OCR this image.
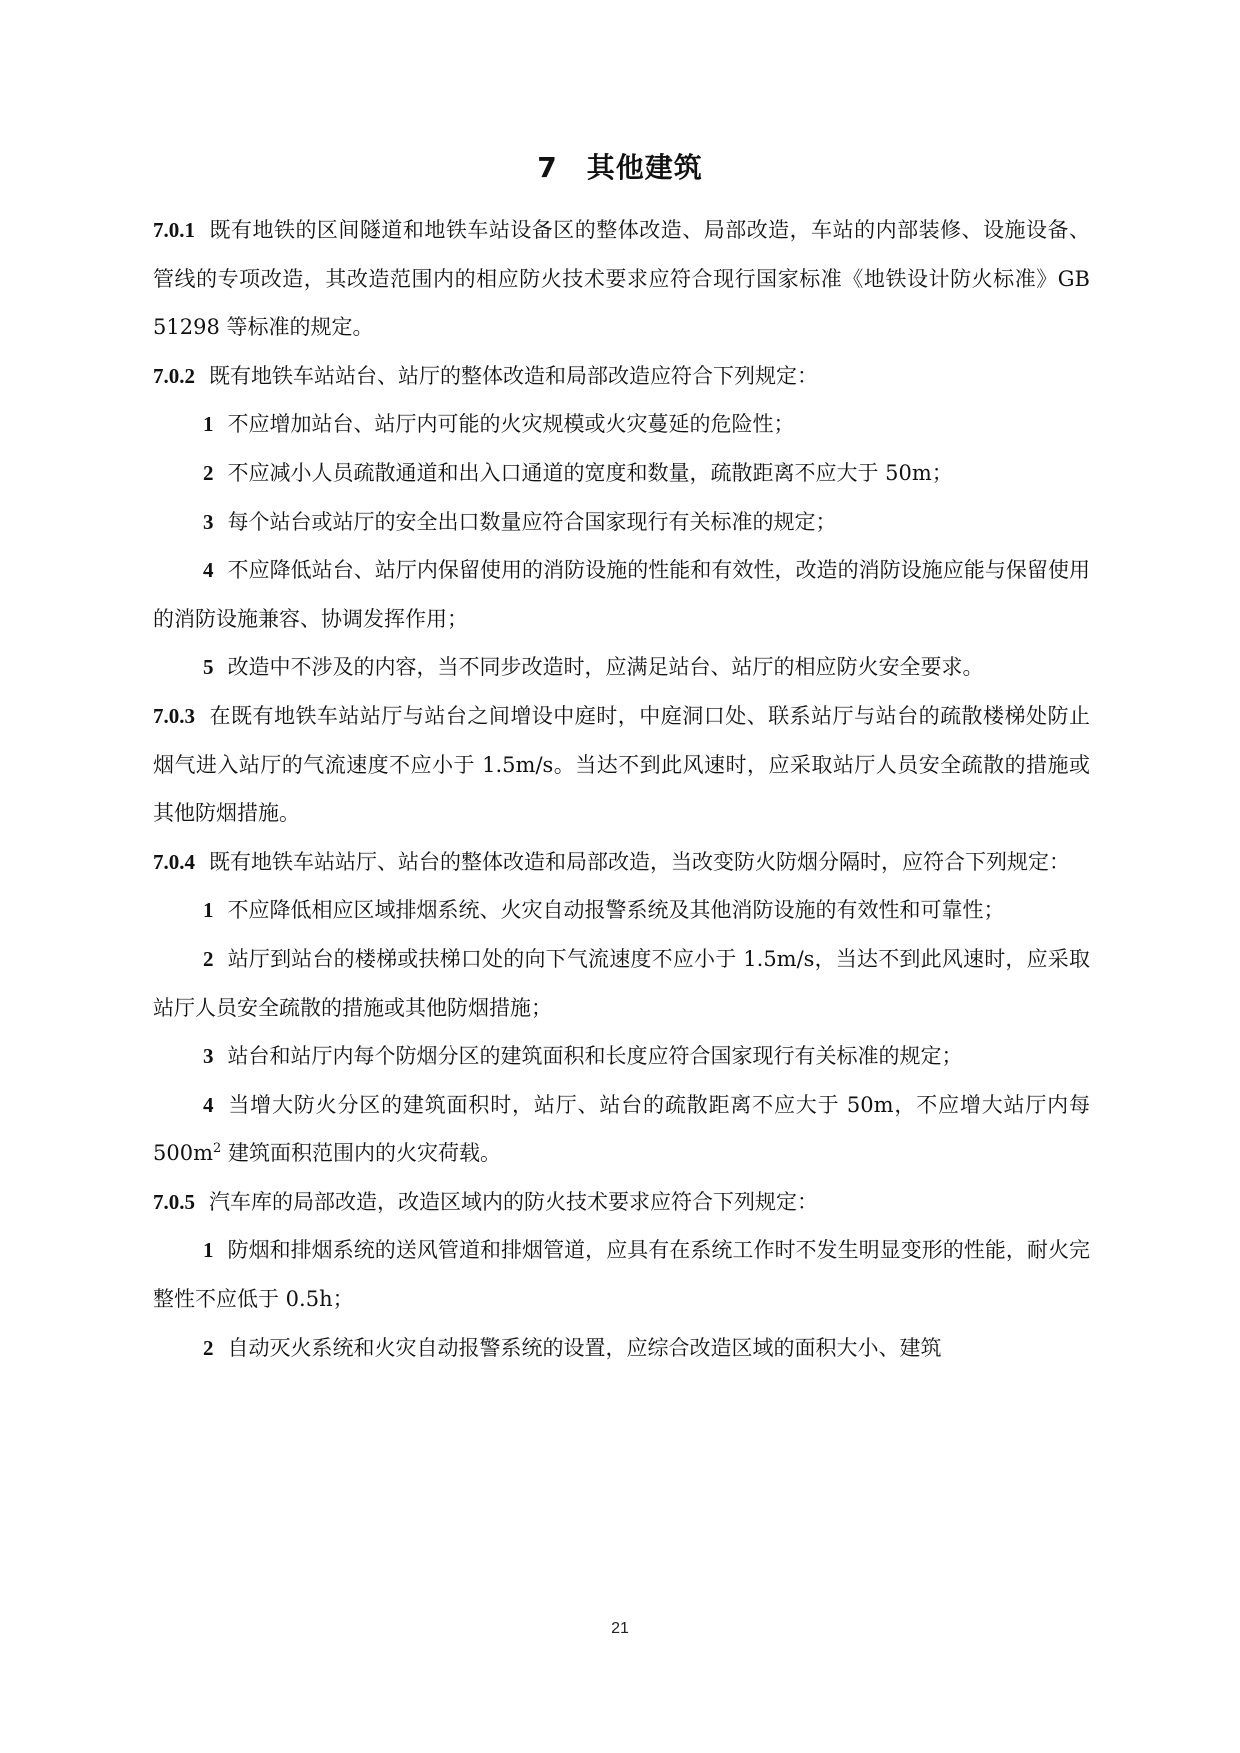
7　其他建筑

7.0.1 既有地铁的区间隧道和地铁车站设备区的整体改造、局部改造，车站的内部装修、设施设备、管线的专项改造，其改造范围内的相应防火技术要求应符合现行国家标准《地铁设计防火标准》GB 51298 等标准的规定。

7.0.2 既有地铁车站站台、站厅的整体改造和局部改造应符合下列规定：

1 不应增加站台、站厅内可能的火灾规模或火灾蔓延的危险性；

2 不应减小人员疏散通道和出入口通道的宽度和数量，疏散距离不应大于 50m；

3 每个站台或站厅的安全出口数量应符合国家现行有关标准的规定；

4 不应降低站台、站厅内保留使用的消防设施的性能和有效性，改造的消防设施应能与保留使用的消防设施兼容、协调发挥作用；

5 改造中不涉及的内容，当不同步改造时，应满足站台、站厅的相应防火安全要求。

7.0.3 在既有地铁车站站厅与站台之间增设中庭时，中庭洞口处、联系站厅与站台的疏散楼梯处防止烟气进入站厅的气流速度不应小于 1.5m/s。当达不到此风速时，应采取站厅人员安全疏散的措施或其他防烟措施。

7.0.4 既有地铁车站站厅、站台的整体改造和局部改造，当改变防火防烟分隔时，应符合下列规定：

1 不应降低相应区域排烟系统、火灾自动报警系统及其他消防设施的有效性和可靠性；

2 站厅到站台的楼梯或扶梯口处的向下气流速度不应小于 1.5m/s，当达不到此风速时，应采取站厅人员安全疏散的措施或其他防烟措施；

3 站台和站厅内每个防烟分区的建筑面积和长度应符合国家现行有关标准的规定；

4 当增大防火分区的建筑面积时，站厅、站台的疏散距离不应大于 50m，不应增大站厅内每 $500m^2$ 建筑面积范围内的火灾荷载。

7.0.5 汽车库的局部改造，改造区域内的防火技术要求应符合下列规定：

1 防烟和排烟系统的送风管道和排烟管道，应具有在系统工作时不发生明显变形的性能，耐火完整性不应低于 0.5h；

2 自动灭火系统和火灾自动报警系统的设置，应综合改造区域的面积大小、建筑

21
